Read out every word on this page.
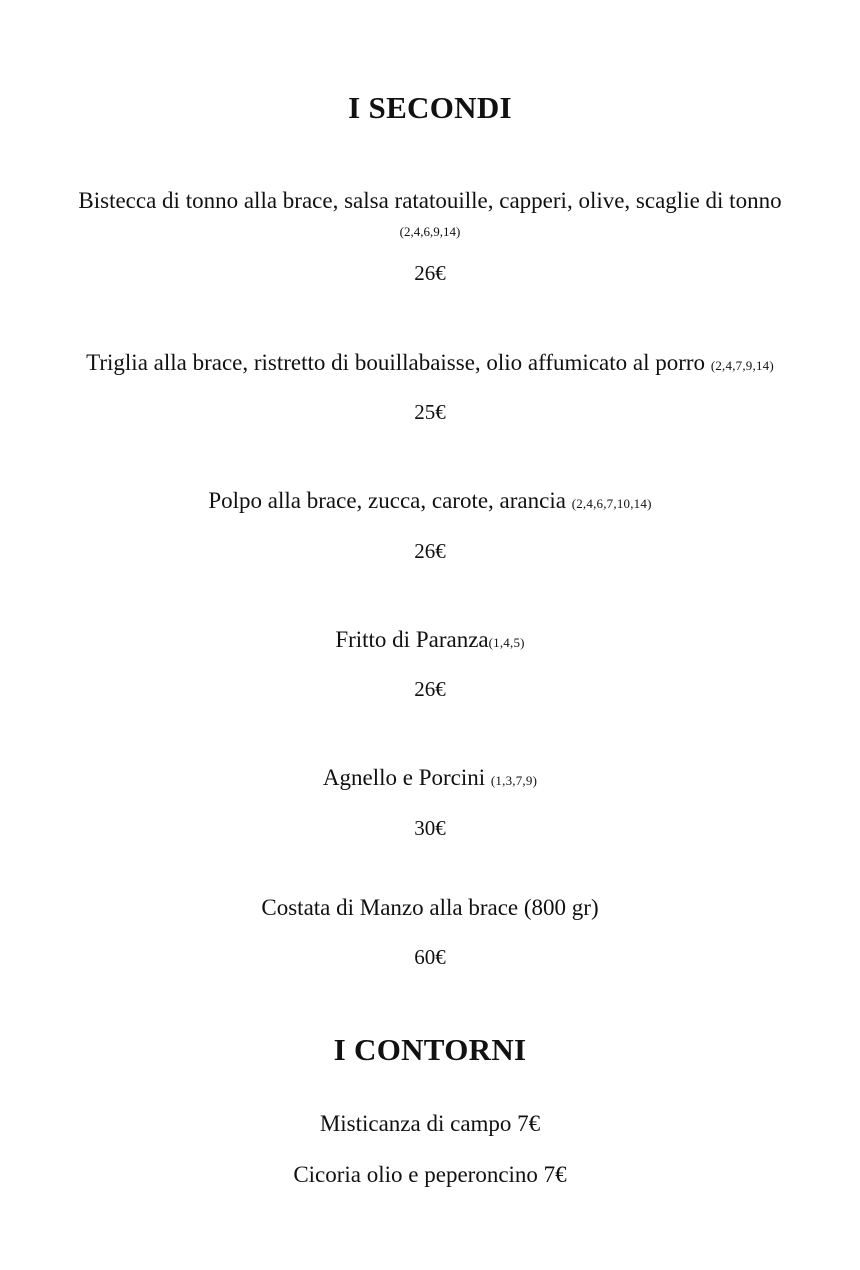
I SECONDI
Bistecca di tonno alla brace, salsa ratatouille, capperi, olive, scaglie di tonno
(2,4,6,9,14)
26€
Triglia alla brace, ristretto di bouillabaisse, olio affumicato al porro (2,4,7,9,14)
25€
Polpo alla brace, zucca, carote, arancia (2,4,6,7,10,14)
26€
Fritto di Paranza(1,4,5)
26€
Agnello e Porcini (1,3,7,9)
30€
Costata di Manzo alla brace (800 gr)
60€
I CONTORNI
Misticanza di campo 7€
Cicoria olio e peperoncino 7€
